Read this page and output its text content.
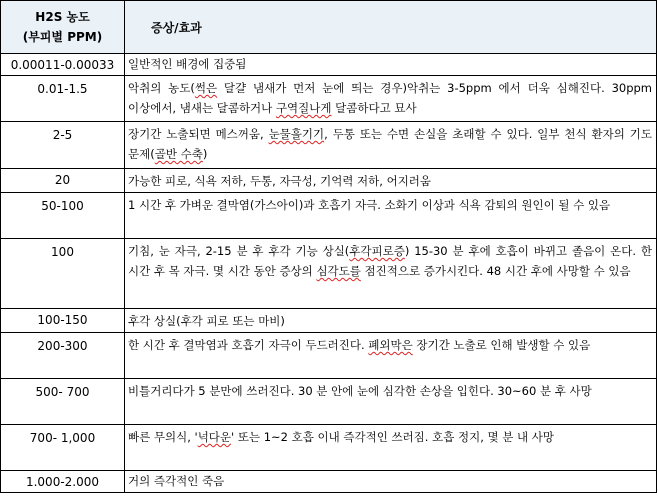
H2S 농도
(부피별 PPM)	증상/효과
0.00011-0.00033	일반적인 배경에 집중됨
0.01-1.5	악취의 농도(썩은 달걀 냄새가 먼저 눈에 띄는 경우)악취는 3-5ppm 에서 더욱 심해진다. 30ppm 이상에서, 냄새는 달콤하거나 구역질나게 달콤하다고 묘사
2-5	장기간 노출되면 메스꺼움, 눈물흘기기, 두통 또는 수면 손실을 초래할 수 있다. 일부 천식 환자의 기도 문제(골반 수축)
20	가능한 피로, 식욕 저하, 두통, 자극성, 기억력 저하, 어지러움
50-100	1 시간 후 가벼운 결막염(가스아이)과 호흡기 자극. 소화기 이상과 식욕 감퇴의 원인이 될 수 있음
100	기침, 눈 자극, 2-15 분 후 후각 기능 상실(후각피로증) 15-30 분 후에 호흡이 바뀌고 졸음이 온다. 한 시간 후 목 자극. 몇 시간 동안 증상의 심각도를 점진적으로 증가시킨다. 48 시간 후에 사망할 수 있음
100-150	후각 상실(후각 피로 또는 마비)
200-300	한 시간 후 결막염과 호흡기 자극이 두드러진다. 폐외막은 장기간 노출로 인해 발생할 수 있음
500- 700	비틀거리다가 5 분만에 쓰러진다. 30 분 안에 눈에 심각한 손상을 입힌다. 30~60 분 후 사망
700- 1,000	빠른 무의식, '넉다운' 또는 1~2 호흡 이내 즉각적인 쓰러짐. 호흡 정지, 몇 분 내 사망
1.000-2.000	거의 즉각적인 죽음
